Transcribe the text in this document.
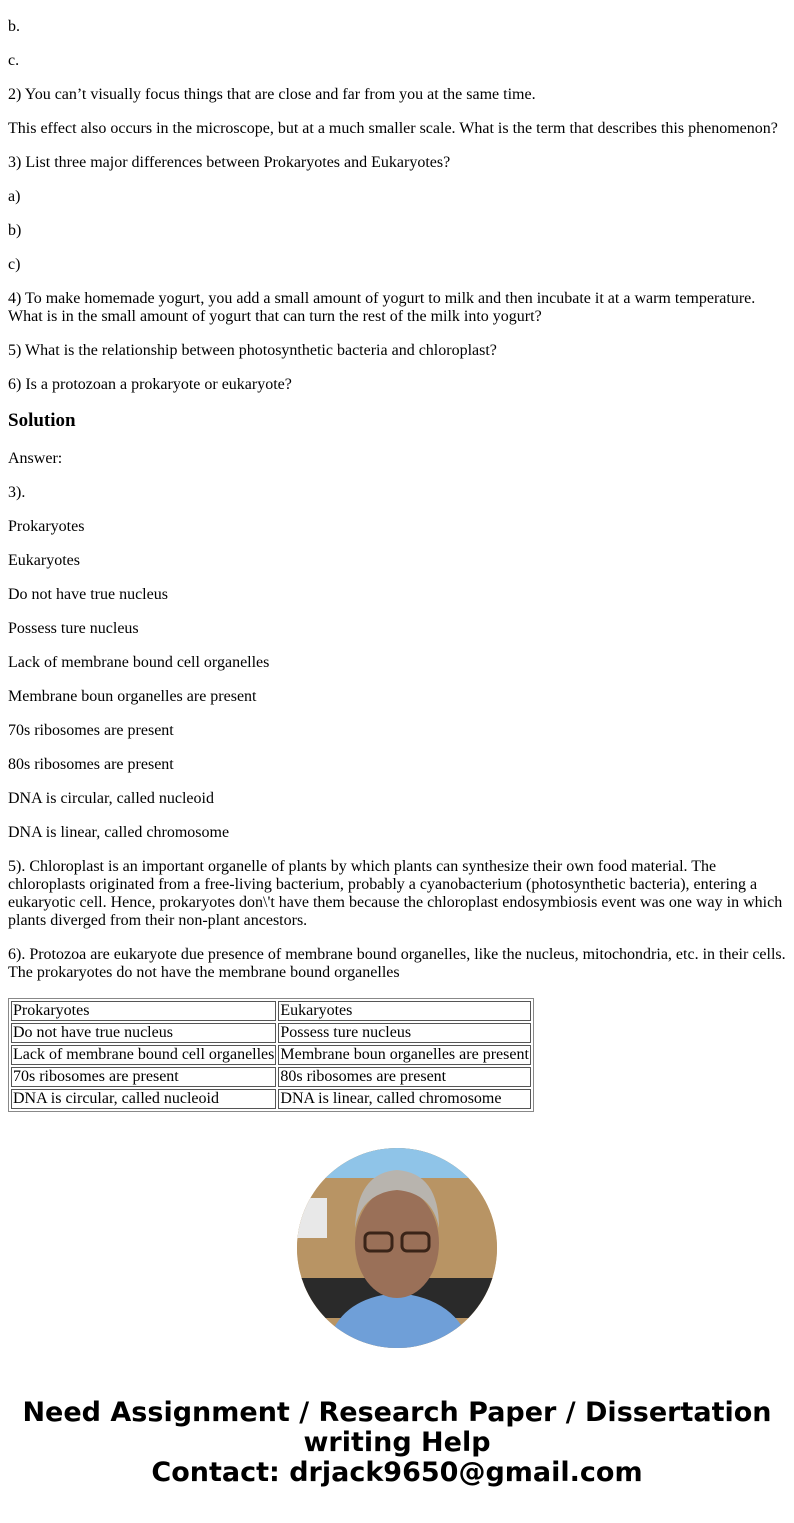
b.

c.

2) You can’t visually focus things that are close and far from you at the same time.

This effect also occurs in the microscope, but at a much smaller scale. What is the term that describes this phenomenon?

3) List three major differences between Prokaryotes and Eukaryotes?

a)

b)

c)

4) To make homemade yogurt, you add a small amount of yogurt to milk and then incubate it at a warm temperature. What is in the small amount of yogurt that can turn the rest of the milk into yogurt?

5) What is the relationship between photosynthetic bacteria and chloroplast?

6) Is a protozoan a prokaryote or eukaryote?

Solution

Answer:

3).

Prokaryotes

Eukaryotes

Do not have true nucleus

Possess ture nucleus

Lack of membrane bound cell organelles

Membrane boun organelles are present

70s ribosomes are present

80s ribosomes are present

DNA is circular, called nucleoid

DNA is linear, called chromosome

5). Chloroplast is an important organelle of plants by which plants can synthesize their own food material. The chloroplasts originated from a free-living bacterium, probably a cyanobacterium (photosynthetic bacteria), entering a eukaryotic cell. Hence, prokaryotes don\'t have them because the chloroplast endosymbiosis event was one way in which plants diverged from their non-plant ancestors.

6). Protozoa are eukaryote due presence of membrane bound organelles, like the nucleus, mitochondria, etc. in their cells. The prokaryotes do not have the membrane bound organelles

Prokaryotes	Eukaryotes
Do not have true nucleus	Possess ture nucleus
Lack of membrane bound cell organelles	Membrane boun organelles are present
70s ribosomes are present	80s ribosomes are present
DNA is circular, called nucleoid	DNA is linear, called chromosome
Need Assignment / Research Paper / Dissertation writing Help
Contact: drjack9650@gmail.com
